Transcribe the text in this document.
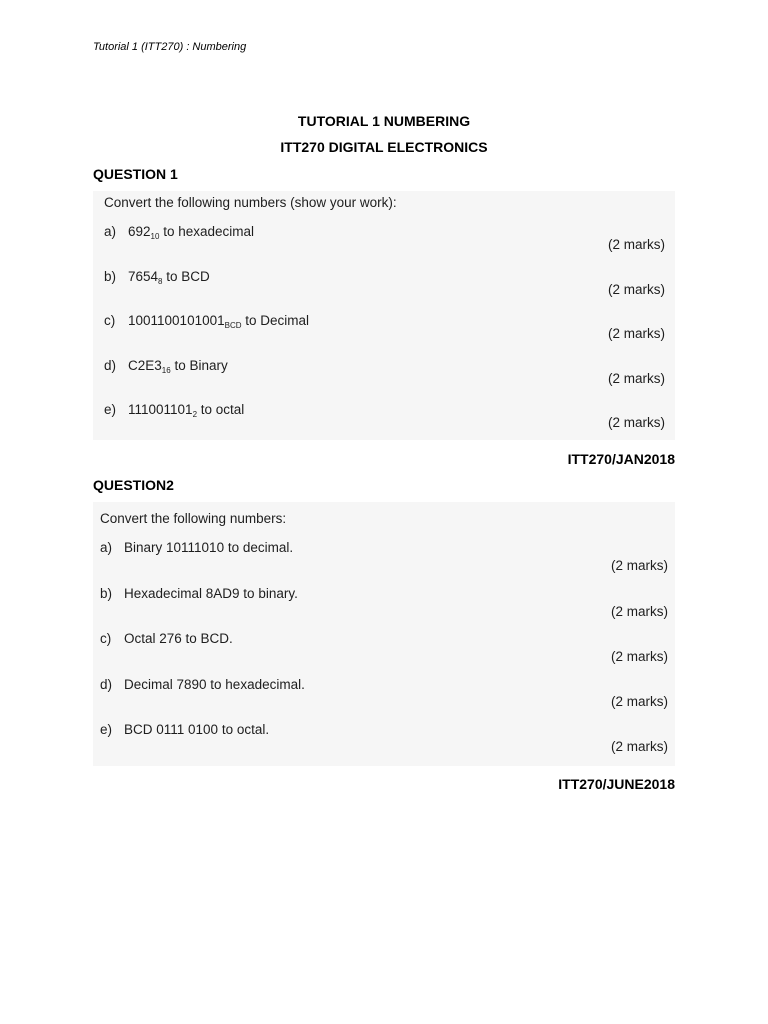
Tutorial 1 (ITT270) : Numbering
TUTORIAL 1 NUMBERING
ITT270 DIGITAL ELECTRONICS
QUESTION 1
Convert the following numbers (show your work):
a) $692_{10}$ to hexadecimal
(2 marks)
b) $7654_8$ to BCD
(2 marks)
c) $1001100101001_{BCD}$ to Decimal
(2 marks)
d) $C2E3_{16}$ to Binary
(2 marks)
e) $111001101_2$ to octal
(2 marks)
ITT270/JAN2018
QUESTION2
Convert the following numbers:
a) Binary 10111010 to decimal.
(2 marks)
b) Hexadecimal 8AD9 to binary.
(2 marks)
c) Octal 276 to BCD.
(2 marks)
d) Decimal 7890 to hexadecimal.
(2 marks)
e) BCD 0111 0100 to octal.
(2 marks)
ITT270/JUNE2018
